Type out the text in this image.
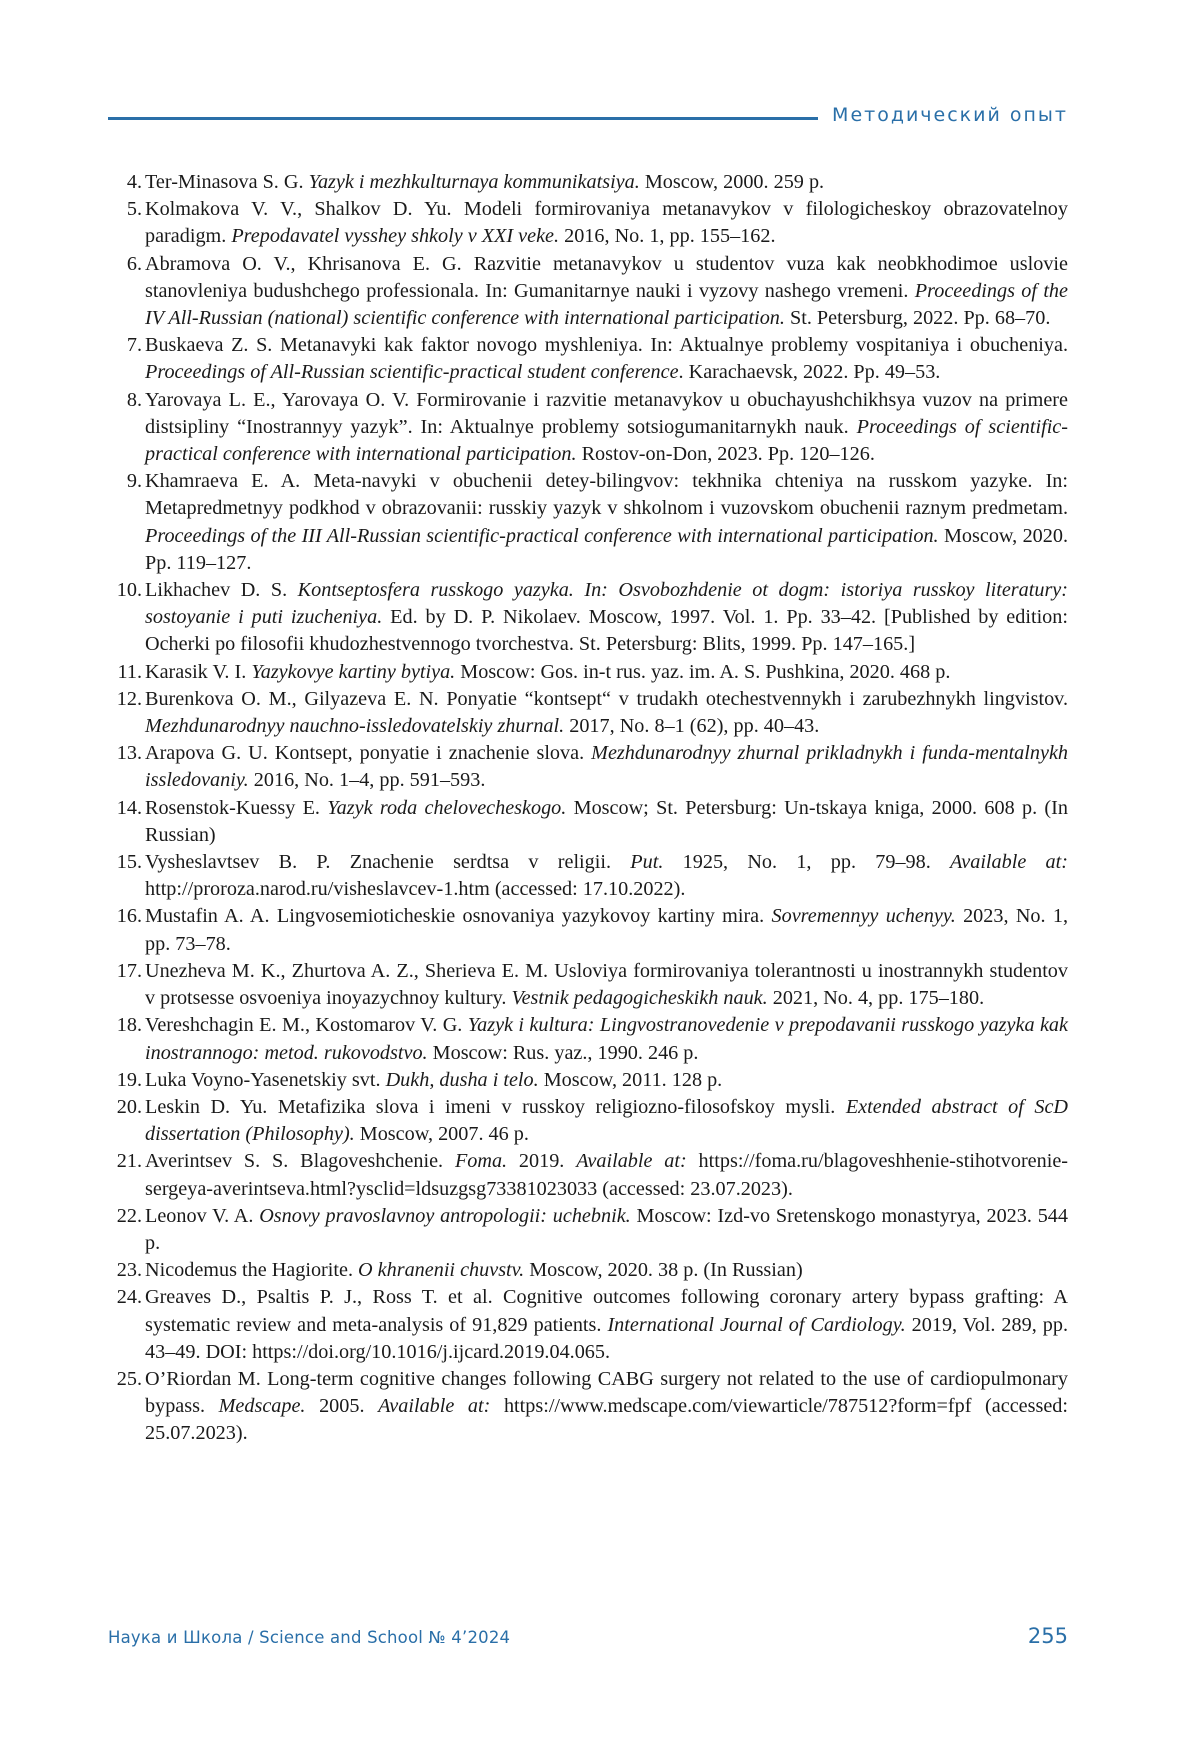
Методический опыт
4. Ter-Minasova S. G. Yazyk i mezhkulturnaya kommunikatsiya. Moscow, 2000. 259 p.
5. Kolmakova V. V., Shalkov D. Yu. Modeli formirovaniya metanavykov v filologicheskoy obrazovatelnoy paradigm. Prepodavatel vysshey shkoly v XXI veke. 2016, No. 1, pp. 155–162.
6. Abramova O. V., Khrisanova E. G. Razvitie metanavykov u studentov vuza kak neobkhodimoe uslovie stanovleniya budushchego professionala. In: Gumanitarnye nauki i vyzovy nashego vremeni. Proceedings of the IV All-Russian (national) scientific conference with international participation. St. Petersburg, 2022. Pp. 68–70.
7. Buskaeva Z. S. Metanavyki kak faktor novogo myshleniya. In: Aktualnye problemy vospitaniya i obucheniya. Proceedings of All-Russian scientific-practical student conference. Karachaevsk, 2022. Pp. 49–53.
8. Yarovaya L. E., Yarovaya O. V. Formirovanie i razvitie metanavykov u obuchayushchikhsya vuzov na primere distsipliny “Inostrannyy yazyk”. In: Aktualnye problemy sotsiogumanitarnykh nauk. Proceedings of scientific-practical conference with international participation. Rostov-on-Don, 2023. Pp. 120–126.
9. Khamraeva E. A. Meta-navyki v obuchenii detey-bilingvov: tekhnika chteniya na russkom yazyke. In: Metapredmetnyy podkhod v obrazovanii: russkiy yazyk v shkolnom i vuzovskom obuchenii raznym predmetam. Proceedings of the III All-Russian scientific-practical conference with international participation. Moscow, 2020. Pp. 119–127.
10. Likhachev D. S. Kontseptosfera russkogo yazyka. In: Osvobozhdenie ot dogm: istoriya russkoy literatury: sostoyanie i puti izucheniya. Ed. by D. P. Nikolaev. Moscow, 1997. Vol. 1. Pp. 33–42. [Published by edition: Ocherki po filosofii khudozhestvennogo tvorchestva. St. Petersburg: Blits, 1999. Pp. 147–165.]
11. Karasik V. I. Yazykovye kartiny bytiya. Moscow: Gos. in-t rus. yaz. im. A. S. Pushkina, 2020. 468 p.
12. Burenkova O. M., Gilyazeva E. N. Ponyatie “kontsept“ v trudakh otechestvennykh i zarubezhnykh lingvistov. Mezhdunarodnyy nauchno-issledovatelskiy zhurnal. 2017, No. 8–1 (62), pp. 40–43.
13. Arapova G. U. Kontsept, ponyatie i znachenie slova. Mezhdunarodnyy zhurnal prikladnykh i funda-mentalnykh issledovaniy. 2016, No. 1–4, pp. 591–593.
14. Rosenstok-Kuessy E. Yazyk roda chelovecheskogo. Moscow; St. Petersburg: Un-tskaya kniga, 2000. 608 p. (In Russian)
15. Vysheslavtsev B. P. Znachenie serdtsa v religii. Put. 1925, No. 1, pp. 79–98. Available at: http://proroza.narod.ru/visheslavcev-1.htm (accessed: 17.10.2022).
16. Mustafin A. A. Lingvosemioticheskie osnovaniya yazykovoy kartiny mira. Sovremennyy uchenyy. 2023, No. 1, pp. 73–78.
17. Unezheva M. K., Zhurtova A. Z., Sherieva E. M. Usloviya formirovaniya tolerantnosti u inostrannykh studentov v protsesse osvoeniya inoyazychnoy kultury. Vestnik pedagogicheskikh nauk. 2021, No. 4, pp. 175–180.
18. Vereshchagin E. M., Kostomarov V. G. Yazyk i kultura: Lingvostranovedenie v prepodavanii russkogo yazyka kak inostrannogo: metod. rukovodstvo. Moscow: Rus. yaz., 1990. 246 p.
19. Luka Voyno-Yasenetskiy svt. Dukh, dusha i telo. Moscow, 2011. 128 p.
20. Leskin D. Yu. Metafizika slova i imeni v russkoy religiozno-filosofskoy mysli. Extended abstract of ScD dissertation (Philosophy). Moscow, 2007. 46 p.
21. Averintsev S. S. Blagoveshchenie. Foma. 2019. Available at: https://foma.ru/blagoveshhenie-stihotvorenie-sergeya-averintseva.html?ysclid=ldsuzgsg73381023033 (accessed: 23.07.2023).
22. Leonov V. A. Osnovy pravoslavnoy antropologii: uchebnik. Moscow: Izd-vo Sretenskogo monastyrya, 2023. 544 p.
23. Nicodemus the Hagiorite. O khranenii chuvstv. Moscow, 2020. 38 p. (In Russian)
24. Greaves D., Psaltis P. J., Ross T. et al. Cognitive outcomes following coronary artery bypass grafting: A systematic review and meta-analysis of 91,829 patients. International Journal of Cardiology. 2019, Vol. 289, pp. 43–49. DOI: https://doi.org/10.1016/j.ijcard.2019.04.065.
25. O’Riordan M. Long-term cognitive changes following CABG surgery not related to the use of cardiopulmonary bypass. Medscape. 2005. Available at: https://www.medscape.com/viewarticle/787512?form=fpf (accessed: 25.07.2023).
Наука и Школа / Science and School № 4’2024	255
